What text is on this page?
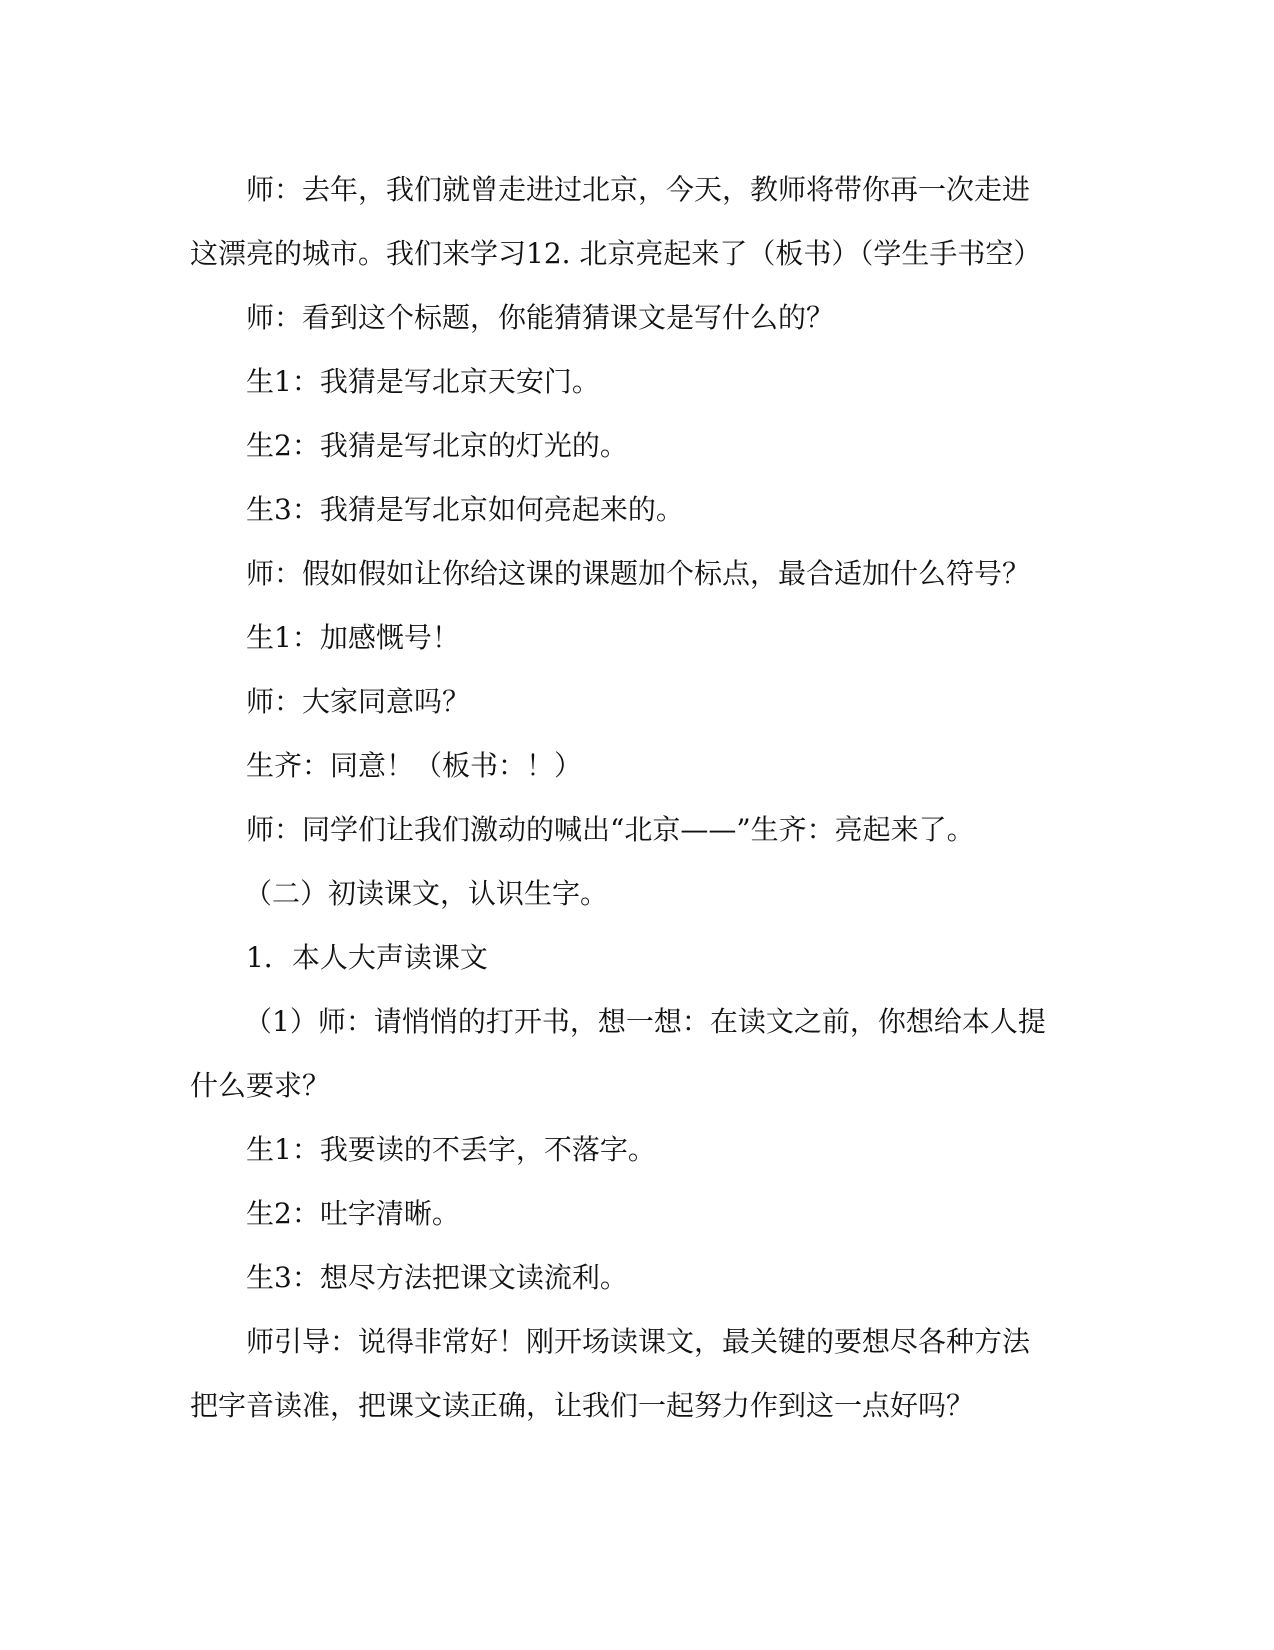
师：去年，我们就曾走进过北京，今天，教师将带你再一次走进

这漂亮的城市。我们来学习12. 北京亮起来了（板书）（学生手书空）

师：看到这个标题，你能猜猜课文是写什么的？

生1：我猜是写北京天安门。

生2：我猜是写北京的灯光的。

生3：我猜是写北京如何亮起来的。

师：假如假如让你给这课的课题加个标点，最合适加什么符号？

生1：加感慨号！

师：大家同意吗？

生齐：同意！（板书：！）

师：同学们让我们激动的喊出“北京——”生齐：亮起来了。

（二）初读课文，认识生字。

1．本人大声读课文

（1）师：请悄悄的打开书，想一想：在读文之前，你想给本人提

什么要求？

生1：我要读的不丢字，不落字。

生2：吐字清晰。

生3：想尽方法把课文读流利。

师引导：说得非常好！刚开场读课文，最关键的要想尽各种方法

把字音读准，把课文读正确，让我们一起努力作到这一点好吗？
